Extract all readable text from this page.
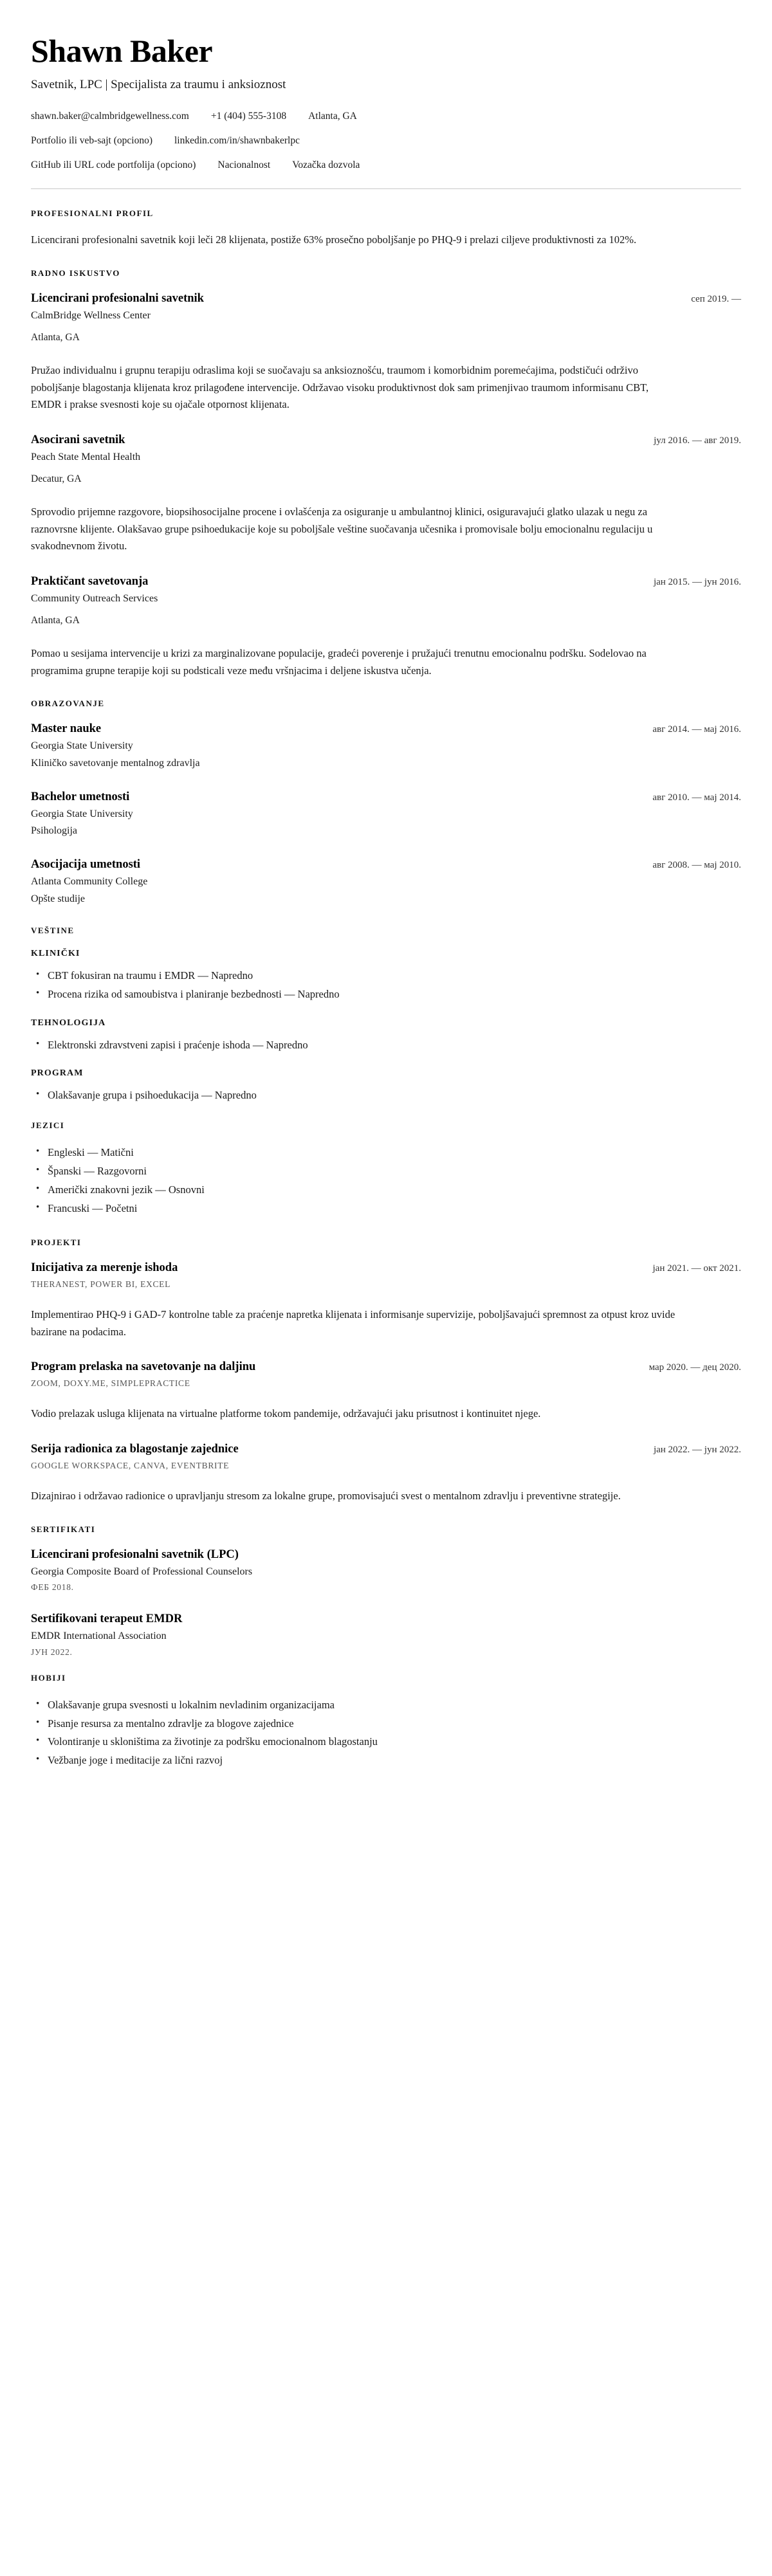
Shawn Baker
Savetnik, LPC | Specijalista za traumu i anksioznost
shawn.baker@calmbridgewellness.com +1 (404) 555-3108 Atlanta, GA
Portfolio ili veb-sajt (opciono) linkedin.com/in/shawnbakerlpc
GitHub ili URL code portfolija (opciono) Nacionalnost Vozačka dozvola
PROFESIONALNI PROFIL

Licencirani profesionalni savetnik koji leči 28 klijenata, postiže 63% prosečno poboljšanje po PHQ-9 i prelazi ciljeve produktivnosti za 102%.

RADNO ISKUSTVO
Licencirani profesionalni savetnik	сеп 2019. —
CalmBridge Wellness Center
Atlanta, GA

Pružao individualnu i grupnu terapiju odraslima koji se suočavaju sa anksioznošću, traumom i komorbidnim poremećajima, podstičući održivo poboljšanje blagostanja klijenata kroz prilagođene intervencije. Održavao visoku produktivnost dok sam primenjivao traumom informisanu CBT, EMDR i prakse svesnosti koje su ojačale otpornost klijenata.

Asocirani savetnik	јул 2016. — авг 2019.
Peach State Mental Health
Decatur, GA

Sprovodio prijemne razgovore, biopsihosocijalne procene i ovlašćenja za osiguranje u ambulantnoj klinici, osiguravajući glatko ulazak u negu za raznovrsne klijente. Olakšavao grupe psihoedukacije koje su poboljšale veštine suočavanja učesnika i promovisale bolju emocionalnu regulaciju u svakodnevnom životu.

Praktičant savetovanja	јан 2015. — јун 2016.
Community Outreach Services
Atlanta, GA

Pomao u sesijama intervencije u krizi za marginalizovane populacije, gradeći poverenje i pružajući trenutnu emocionalnu podršku. Sodelovao na programima grupne terapije koji su podsticali veze među vršnjacima i deljene iskustva učenja.

OBRAZOVANJE
Master nauke	авг 2014. — мај 2016.
Georgia State University
Kliničko savetovanje mentalnog zdravlja
Bachelor umetnosti	авг 2010. — мај 2014.
Georgia State University
Psihologija
Asocijacija umetnosti	авг 2008. — мај 2010.
Atlanta Community College
Opšte studije
VEŠTINE
KLINIČKI
• CBT fokusiran na traumu i EMDR — Napredno
• Procena rizika od samoubistva i planiranje bezbednosti — Napredno
TEHNOLOGIJA
• Elektronski zdravstveni zapisi i praćenje ishoda — Napredno
PROGRAM
• Olakšavanje grupa i psihoedukacija — Napredno
JEZICI
• Engleski — Matični
• Španski — Razgovorni
• Američki znakovni jezik — Osnovni
• Francuski — Početni
PROJEKTI
Inicijativa za merenje ishoda	јан 2021. — окт 2021.
THERANEST, POWER BI, EXCEL

Implementirao PHQ-9 i GAD-7 kontrolne table za praćenje napretka klijenata i informisanje supervizije, poboljšavajući spremnost za otpust kroz uvide bazirane na podacima.

Program prelaska na savetovanje na daljinu	мар 2020. — дец 2020.
ZOOM, DOXY.ME, SIMPLEPRACTICE

Vodio prelazak usluga klijenata na virtualne platforme tokom pandemije, održavajući jaku prisutnost i kontinuitet njege.

Serija radionica za blagostanje zajednice	јан 2022. — јун 2022.
GOOGLE WORKSPACE, CANVA, EVENTBRITE

Dizajnirao i održavao radionice o upravljanju stresom za lokalne grupe, promovisajući svest o mentalnom zdravlju i preventivne strategije.

SERTIFIKATI
Licencirani profesionalni savetnik (LPC)
Georgia Composite Board of Professional Counselors
ФЕБ 2018.
Sertifikovani terapeut EMDR
EMDR International Association
ЈУН 2022.
HOBIJI
• Olakšavanje grupa svesnosti u lokalnim nevladinim organizacijama
• Pisanje resursa za mentalno zdravlje za blogove zajednice
• Volontiranje u skloništima za životinje za podršku emocionalnom blagostanju
• Vežbanje joge i meditacije za lični razvoj
